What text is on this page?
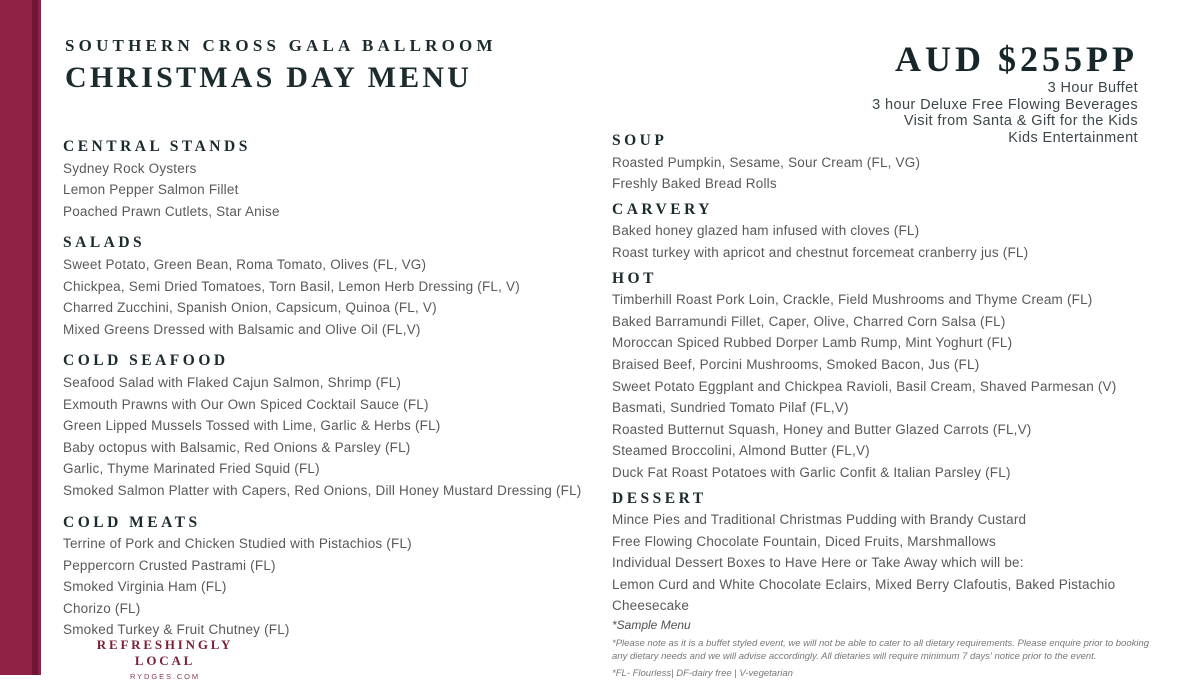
SOUTHERN CROSS GALA BALLROOM
CHRISTMAS DAY MENU	AUD $255PP
3 Hour Buffet
3 hour Deluxe Free Flowing Beverages
Visit from Santa & Gift for the Kids
Kids Entertainment
CENTRAL STANDS
Sydney Rock Oysters
Lemon Pepper Salmon Fillet
Poached Prawn Cutlets, Star Anise
SALADS
Sweet Potato, Green Bean, Roma Tomato, Olives (FL, VG)
Chickpea, Semi Dried Tomatoes, Torn Basil, Lemon Herb Dressing (FL, V)
Charred Zucchini, Spanish Onion, Capsicum, Quinoa (FL, V)
Mixed Greens Dressed with Balsamic and Olive Oil (FL,V)
COLD SEAFOOD
Seafood Salad with Flaked Cajun Salmon, Shrimp (FL)
Exmouth Prawns with Our Own Spiced Cocktail Sauce (FL)
Green Lipped Mussels Tossed with Lime, Garlic & Herbs (FL)
Baby octopus with Balsamic, Red Onions & Parsley (FL)
Garlic, Thyme Marinated Fried Squid (FL)
Smoked Salmon Platter with Capers, Red Onions, Dill Honey Mustard Dressing (FL)
COLD MEATS
Terrine of Pork and Chicken Studied with Pistachios (FL)
Peppercorn Crusted Pastrami (FL)
Smoked Virginia Ham (FL)
Chorizo (FL)
Smoked Turkey & Fruit Chutney (FL)
SOUP
Roasted Pumpkin, Sesame, Sour Cream (FL, VG)
Freshly Baked Bread Rolls
CARVERY
Baked honey glazed ham infused with cloves (FL)
Roast turkey with apricot and chestnut forcemeat cranberry jus (FL)
HOT
Timberhill Roast Pork Loin, Crackle, Field Mushrooms and Thyme Cream (FL)
Baked Barramundi Fillet, Caper, Olive, Charred Corn Salsa (FL)
Moroccan Spiced Rubbed Dorper Lamb Rump, Mint Yoghurt (FL)
Braised Beef, Porcini Mushrooms, Smoked Bacon, Jus (FL)
Sweet Potato Eggplant and Chickpea Ravioli, Basil Cream, Shaved Parmesan (V)
Basmati, Sundried Tomato Pilaf (FL,V)
Roasted Butternut Squash, Honey and Butter Glazed Carrots (FL,V)
Steamed Broccolini, Almond Butter (FL,V)
Duck Fat Roast Potatoes with Garlic Confit & Italian Parsley (FL)
DESSERT
Mince Pies and Traditional Christmas Pudding with Brandy Custard
Free Flowing Chocolate Fountain, Diced Fruits, Marshmallows
Individual Dessert Boxes to Have Here or Take Away which will be:
Lemon Curd and White Chocolate Eclairs, Mixed Berry Clafoutis, Baked Pistachio
Cheesecake
*Sample Menu
*Please note as it is a buffet styled event, we will not be able to cater to all dietary requirements. Please enquire prior to booking any dietary needs and we will advise accordingly. All dietaries will require minimum 7 days' notice prior to the event.
*FL- Flourless| DF-dairy free | V-vegetarian
REFRESHINGLY LOCAL
RYDGES.COM
